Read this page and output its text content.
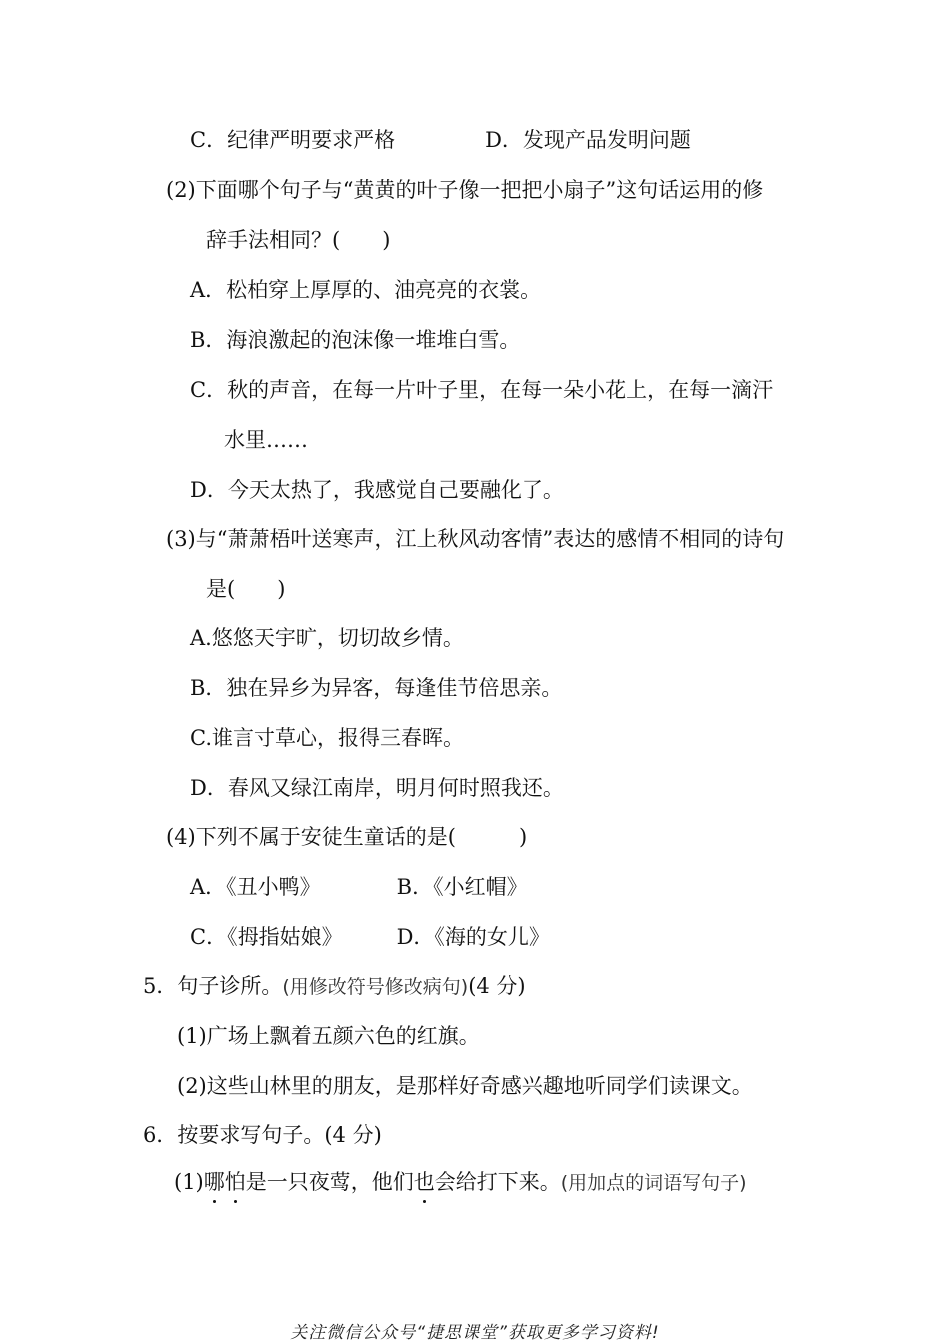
C．纪律严明要求严格	D．发现产品发明问题
(2)下面哪个句子与“黄黄的叶子像一把把小扇子”这句话运用的修
辞手法相同？(　　)
A．松柏穿上厚厚的、油亮亮的衣裳。
B．海浪激起的泡沫像一堆堆白雪。
C．秋的声音，在每一片叶子里，在每一朵小花上，在每一滴汗
水里……
D．今天太热了，我感觉自己要融化了。
(3)与“萧萧梧叶送寒声，江上秋风动客情”表达的感情不相同的诗句
是(　　)
A.悠悠天宇旷，切切故乡情。
B．独在异乡为异客，每逢佳节倍思亲。
C.谁言寸草心，报得三春晖。
D．春风又绿江南岸，明月何时照我还。
(4)下列不属于安徒生童话的是(　　　)
A．《丑小鸭》	B．《小红帽》
C．《拇指姑娘》	D．《海的女儿》
5．句子诊所。(用修改符号修改病句)(4 分)
(1)广场上飘着五颜六色的红旗。
(2)这些山林里的朋友，是那样好奇感兴趣地听同学们读课文。
6．按要求写句子。(4 分)
(1)哪怕是一只夜莺，他们也会给打下来。(用加点的词语写句子)
关注微信公众号“捷思课堂”获取更多学习资料!
